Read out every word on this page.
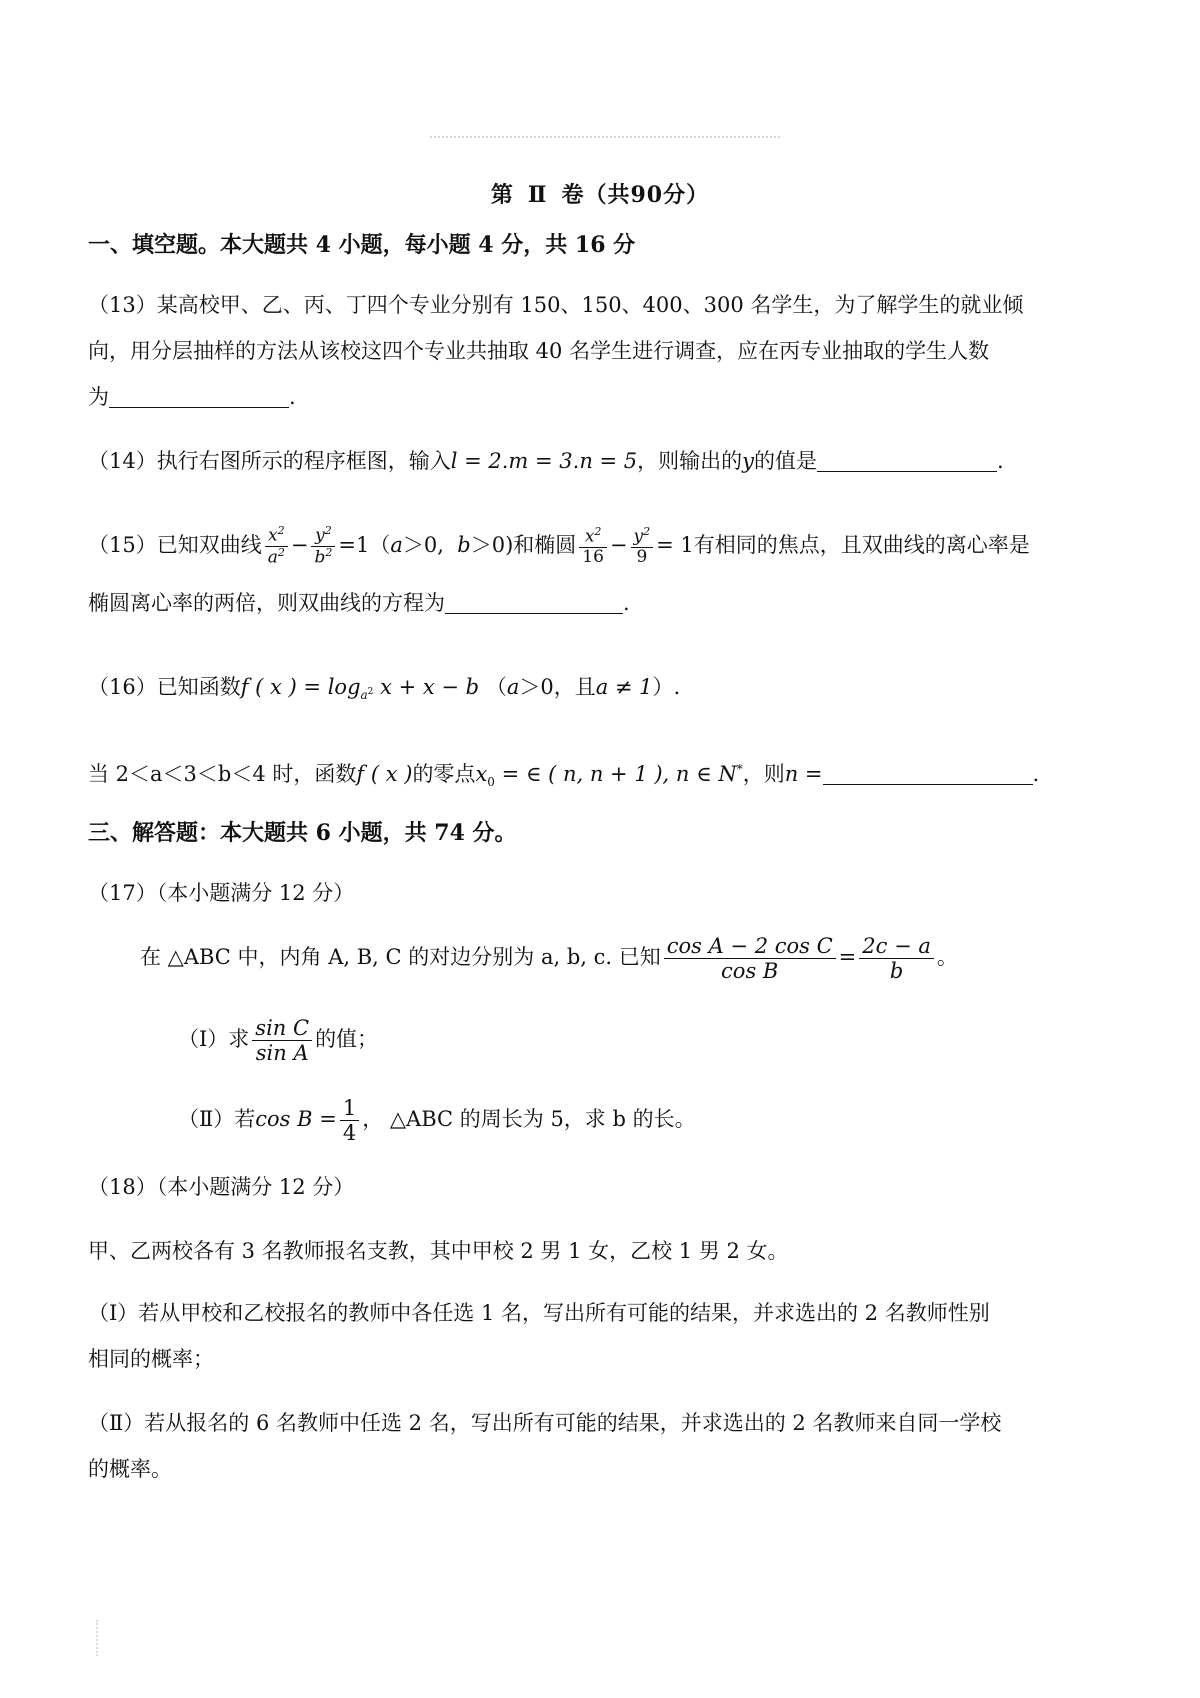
第 Ⅱ 卷（共90分）
一、填空题。本大题共 4 小题，每小题 4 分，共 16 分
（13）某高校甲、乙、丙、丁四个专业分别有 150、150、400、300 名学生，为了解学生的就业倾
向，用分层抽样的方法从该校这四个专业共抽取 40 名学生进行调查，应在丙专业抽取的学生人数
为	.
（14）执行右图所示的程序框图，输入l = 2.m = 3.n = 5，则输出的y的值是	.
（15）已知双曲线 $\frac{x^2}{a^2} - \frac{y^2}{b^2} =1(a>0$, b＞0)和椭圆 $\frac{x^2}{16} - \frac{y^2}{9} = 1$有相同的焦点，且双曲线的离心率是
椭圆离心率的两倍，则双曲线的方程为	.
（16）已知函数f ( x ) = $\log_{a^2} x + x - b$ （a＞0，且a ≠ 1）.
当 2＜a＜3＜b＜4 时，函数f ( x )的零点$x_0$ = ∈ ( n, n + 1 ), n ∈ N*，则n =	.
三、解答题：本大题共 6 小题，共 74 分。
（17）（本小题满分 12 分）
在 △ABC 中，内角 A, B, C 的对边分别为 a, b, c. 已知 $\frac{\text{cos A − 2 cos C}}{\text{cos B}} = \frac{2c - a}{b}$ 。
（Ⅰ）求 $\frac{\text{sin C}}{\text{sin A}}$ 的值；
（Ⅱ）若$\cos B = \frac{1}{4}$ ， △ABC 的周长为 5，求 b 的长。
（18）（本小题满分 12 分）
甲、乙两校各有 3 名教师报名支教，其中甲校 2 男 1 女，乙校 1 男 2 女。
（Ⅰ）若从甲校和乙校报名的教师中各任选 1 名，写出所有可能的结果，并求选出的 2 名教师性别
相同的概率；
（Ⅱ）若从报名的 6 名教师中任选 2 名，写出所有可能的结果，并求选出的 2 名教师来自同一学校
的概率。
